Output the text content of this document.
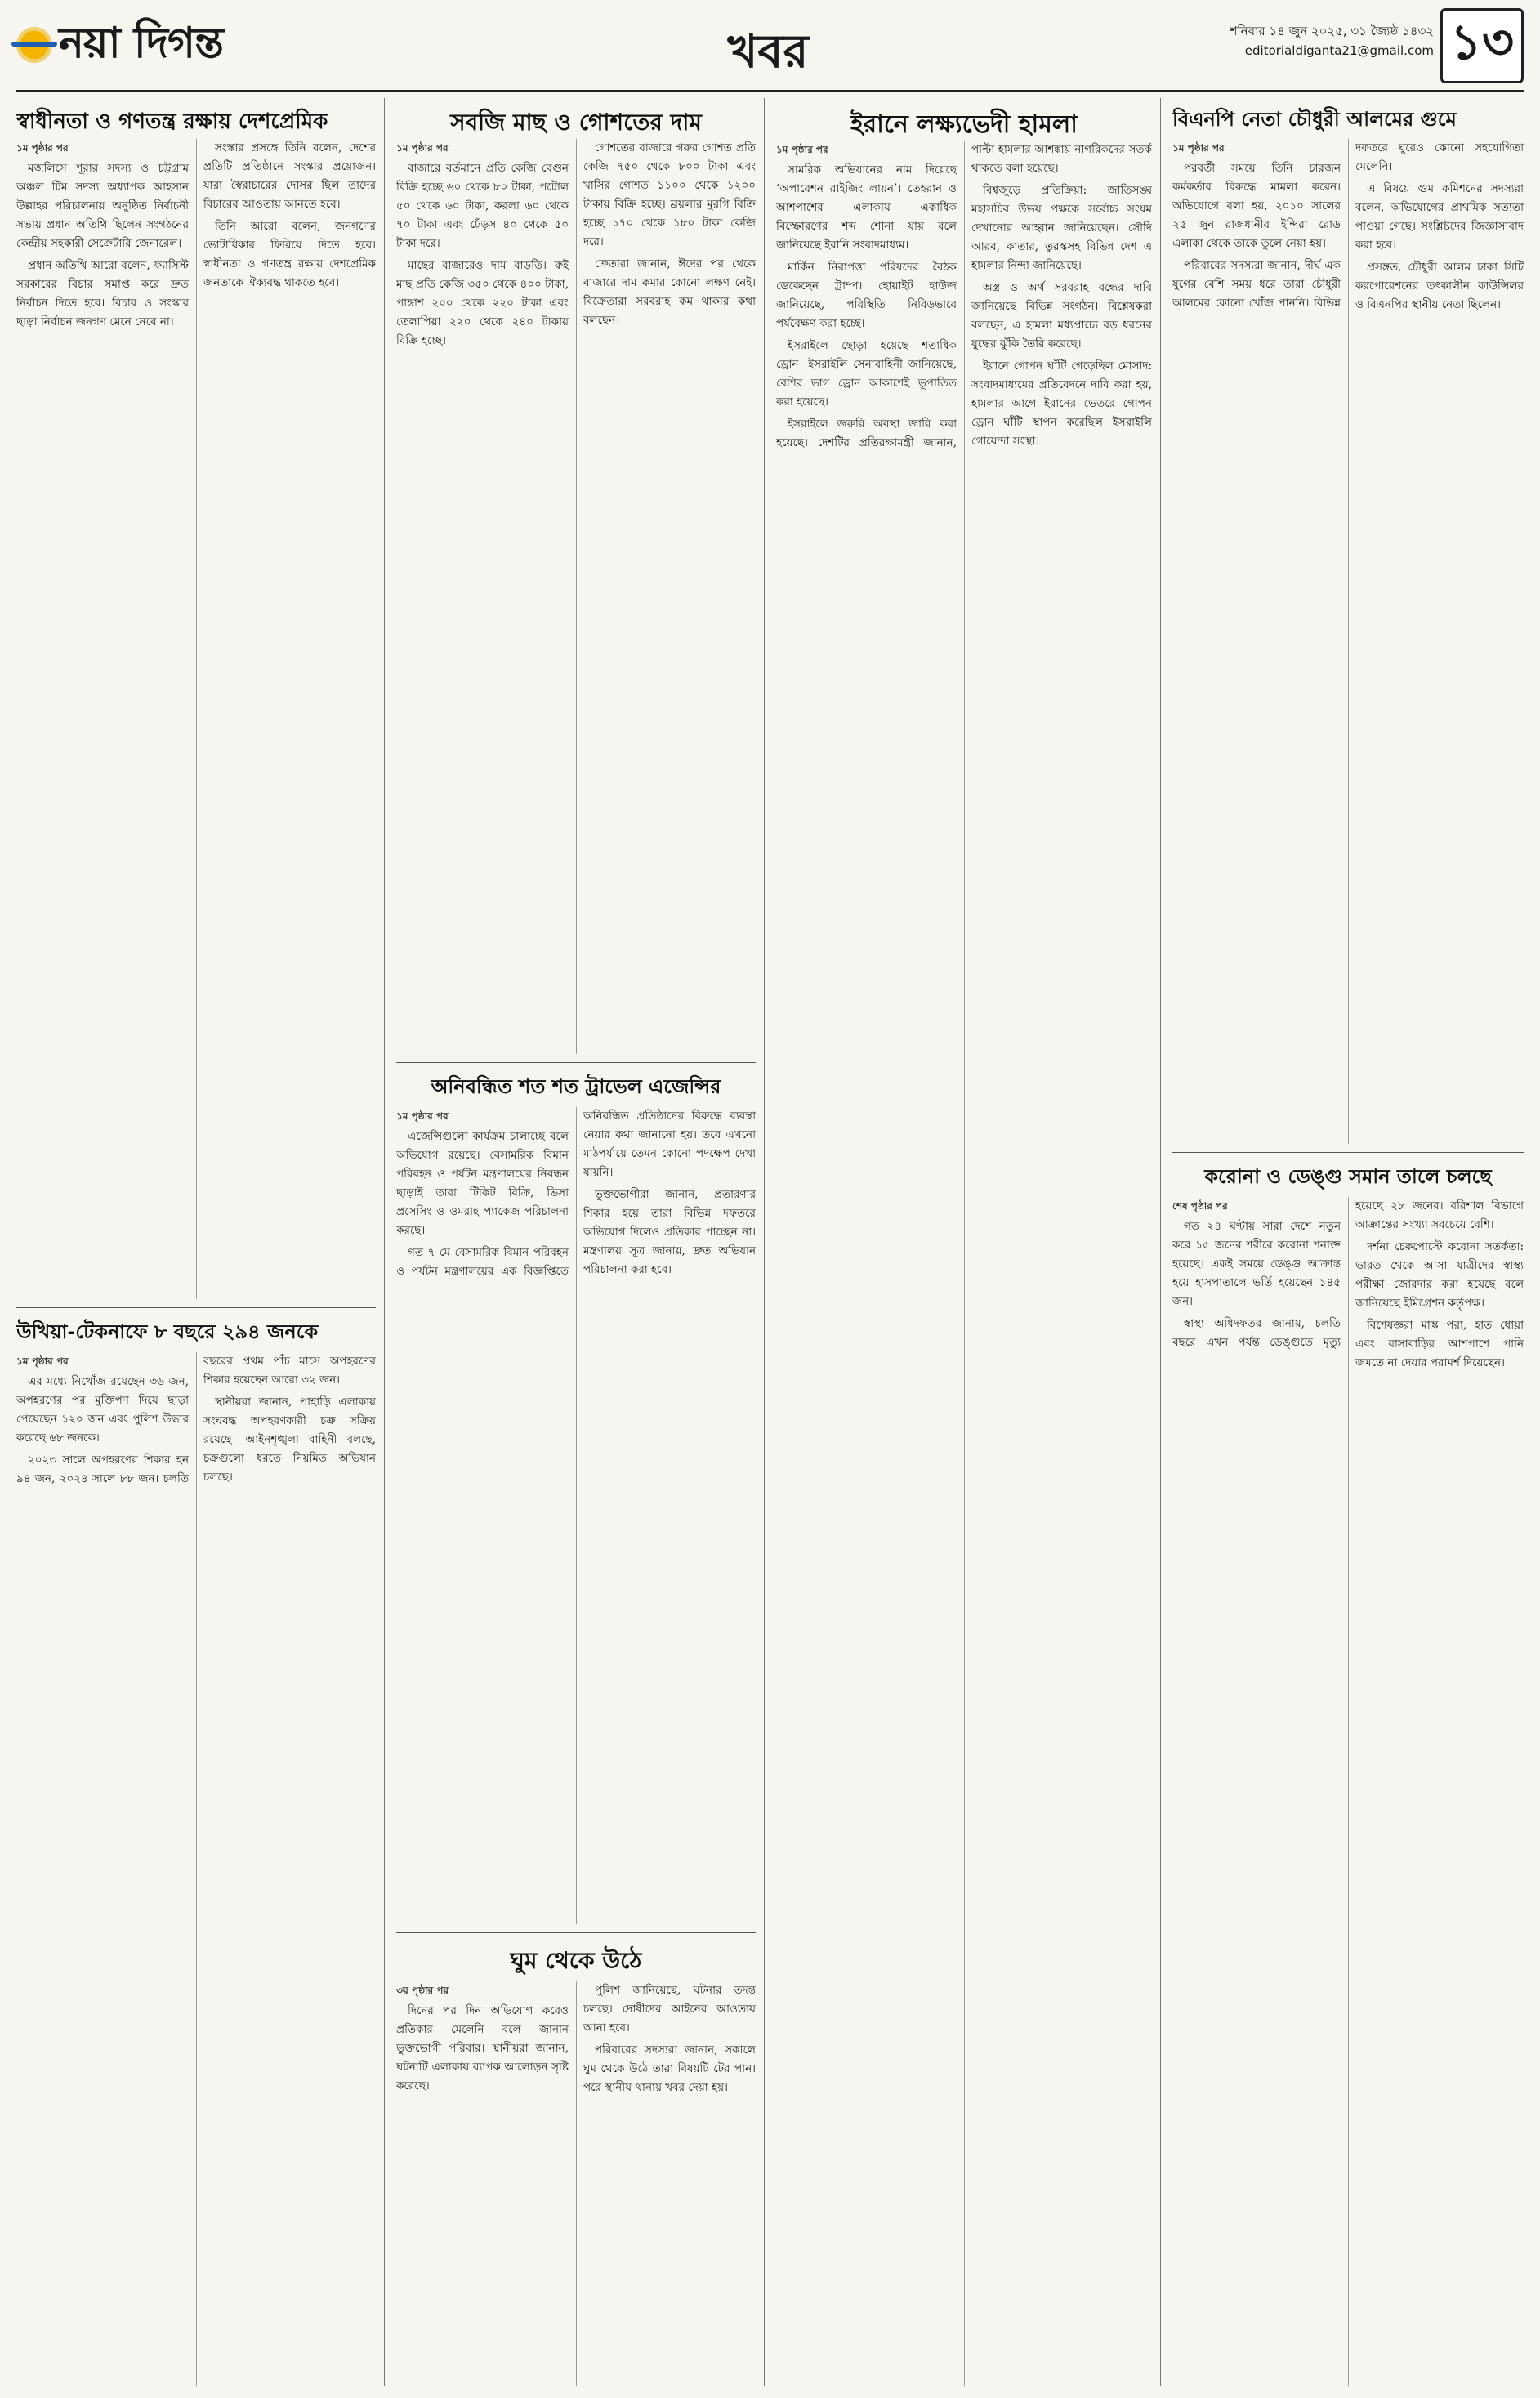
নয়া দিগন্ত	খবর	শনিবার ১৪ জুন ২০২৫, ৩১ জ্যৈষ্ঠ ১৪৩২
editorialdiganta21@gmail.com ১৩
স্বাধীনতা ও গণতন্ত্র রক্ষায় দেশপ্রেমিক
১ম পৃষ্ঠার পর

মজলিসে শূরার সদস্য ও চট্টগ্রাম অঞ্চল টিম সদস্য অধ্যাপক আহসান উল্লাহর পরিচালনায় অনুষ্ঠিত নির্বাচনী সভায় প্রধান অতিথি ছিলেন সংগঠনের কেন্দ্রীয় সহকারী সেক্রেটারি জেনারেল।

প্রধান অতিথি আরো বলেন, ফ্যাসিস্ট সরকারের বিচার সমাপ্ত করে দ্রুত নির্বাচন দিতে হবে। বিচার ও সংস্কার ছাড়া নির্বাচন জনগণ মেনে নেবে না।

সংস্কার প্রসঙ্গে তিনি বলেন, দেশের প্রতিটি প্রতিষ্ঠানে সংস্কার প্রয়োজন। যারা স্বৈরাচারের দোসর ছিল তাদের বিচারের আওতায় আনতে হবে।

তিনি আরো বলেন, জনগণের ভোটাধিকার ফিরিয়ে দিতে হবে। স্বাধীনতা ও গণতন্ত্র রক্ষায় দেশপ্রেমিক জনতাকে ঐক্যবদ্ধ থাকতে হবে।

উখিয়া-টেকনাফে ৮ বছরে ২৯৪ জনকে
১ম পৃষ্ঠার পর

এর মধ্যে নিখোঁজ রয়েছেন ৩৬ জন, অপহরণের পর মুক্তিপণ দিয়ে ছাড়া পেয়েছেন ১২০ জন এবং পুলিশ উদ্ধার করেছে ৬৮ জনকে।

২০২৩ সালে অপহরণের শিকার হন ৯৪ জন, ২০২৪ সালে ৮৮ জন। চলতি বছরের প্রথম পাঁচ মাসে অপহরণের শিকার হয়েছেন আরো ৩২ জন।

স্থানীয়রা জানান, পাহাড়ি এলাকায় সংঘবদ্ধ অপহরণকারী চক্র সক্রিয় রয়েছে। আইনশৃঙ্খলা বাহিনী বলছে, চক্রগুলো ধরতে নিয়মিত অভিযান চলছে।

সবজি মাছ ও গোশতের দাম
১ম পৃষ্ঠার পর

বাজারে বর্তমানে প্রতি কেজি বেগুন বিক্রি হচ্ছে ৬০ থেকে ৮০ টাকা, পটোল ৫০ থেকে ৬০ টাকা, করলা ৬০ থেকে ৭০ টাকা এবং ঢেঁড়স ৪০ থেকে ৫০ টাকা দরে।

মাছের বাজারেও দাম বাড়তি। রুই মাছ প্রতি কেজি ৩৫০ থেকে ৪০০ টাকা, পাঙ্গাশ ২০০ থেকে ২২০ টাকা এবং তেলাপিয়া ২২০ থেকে ২৪০ টাকায় বিক্রি হচ্ছে।

গোশতের বাজারে গরুর গোশত প্রতি কেজি ৭৫০ থেকে ৮০০ টাকা এবং খাসির গোশত ১১০০ থেকে ১২০০ টাকায় বিক্রি হচ্ছে। ব্রয়লার মুরগি বিক্রি হচ্ছে ১৭০ থেকে ১৮০ টাকা কেজি দরে।

ক্রেতারা জানান, ঈদের পর থেকে বাজারে দাম কমার কোনো লক্ষণ নেই। বিক্রেতারা সরবরাহ কম থাকার কথা বলছেন।

অনিবন্ধিত শত শত ট্রাভেল এজেন্সির
১ম পৃষ্ঠার পর

এজেন্সিগুলো কার্যক্রম চালাচ্ছে বলে অভিযোগ রয়েছে। বেসামরিক বিমান পরিবহন ও পর্যটন মন্ত্রণালয়ের নিবন্ধন ছাড়াই তারা টিকিট বিক্রি, ভিসা প্রসেসিং ও ওমরাহ প্যাকেজ পরিচালনা করছে।

গত ৭ মে বেসামরিক বিমান পরিবহন ও পর্যটন মন্ত্রণালয়ের এক বিজ্ঞপ্তিতে অনিবন্ধিত প্রতিষ্ঠানের বিরুদ্ধে ব্যবস্থা নেয়ার কথা জানানো হয়। তবে এখনো মাঠপর্যায়ে তেমন কোনো পদক্ষেপ দেখা যায়নি।

ভুক্তভোগীরা জানান, প্রতারণার শিকার হয়ে তারা বিভিন্ন দফতরে অভিযোগ দিলেও প্রতিকার পাচ্ছেন না। মন্ত্রণালয় সূত্র জানায়, দ্রুত অভিযান পরিচালনা করা হবে।

ঘুম থেকে উঠে
৩য় পৃষ্ঠার পর

দিনের পর দিন অভিযোগ করেও প্রতিকার মেলেনি বলে জানান ভুক্তভোগী পরিবার। স্থানীয়রা জানান, ঘটনাটি এলাকায় ব্যাপক আলোড়ন সৃষ্টি করেছে।

পুলিশ জানিয়েছে, ঘটনার তদন্ত চলছে। দোষীদের আইনের আওতায় আনা হবে।

পরিবারের সদস্যরা জানান, সকালে ঘুম থেকে উঠে তারা বিষয়টি টের পান। পরে স্থানীয় থানায় খবর দেয়া হয়।

ইরানে লক্ষ্যভেদী হামলা
১ম পৃষ্ঠার পর

সামরিক অভিযানের নাম দিয়েছে ‘অপারেশন রাইজিং লায়ন’। তেহরান ও আশপাশের এলাকায় একাধিক বিস্ফোরণের শব্দ শোনা যায় বলে জানিয়েছে ইরানি সংবাদমাধ্যম।

মার্কিন নিরাপত্তা পরিষদের বৈঠক ডেকেছেন ট্রাম্প। হোয়াইট হাউজ জানিয়েছে, পরিস্থিতি নিবিড়ভাবে পর্যবেক্ষণ করা হচ্ছে।

ইসরাইলে ছোড়া হয়েছে শতাধিক ড্রোন। ইসরাইলি সেনাবাহিনী জানিয়েছে, বেশির ভাগ ড্রোন আকাশেই ভূপাতিত করা হয়েছে।

ইসরাইলে জরুরি অবস্থা জারি করা হয়েছে। দেশটির প্রতিরক্ষামন্ত্রী জানান, পাল্টা হামলার আশঙ্কায় নাগরিকদের সতর্ক থাকতে বলা হয়েছে।

বিশ্বজুড়ে প্রতিক্রিয়া: জাতিসঙ্ঘ মহাসচিব উভয় পক্ষকে সর্বোচ্চ সংযম দেখানোর আহ্বান জানিয়েছেন। সৌদি আরব, কাতার, তুরস্কসহ বিভিন্ন দেশ এ হামলার নিন্দা জানিয়েছে।

অস্ত্র ও অর্থ সরবরাহ বন্ধের দাবি জানিয়েছে বিভিন্ন সংগঠন। বিশ্লেষকরা বলছেন, এ হামলা মধ্যপ্রাচ্যে বড় ধরনের যুদ্ধের ঝুঁকি তৈরি করেছে।

ইরানে গোপন ঘাঁটি গেড়েছিল মোসাদ: সংবাদমাধ্যমের প্রতিবেদনে দাবি করা হয়, হামলার আগে ইরানের ভেতরে গোপন ড্রোন ঘাঁটি স্থাপন করেছিল ইসরাইলি গোয়েন্দা সংস্থা।

বিএনপি নেতা চৌধুরী আলমের গুমে
১ম পৃষ্ঠার পর

পরবর্তী সময়ে তিনি চারজন কর্মকর্তার বিরুদ্ধে মামলা করেন। অভিযোগে বলা হয়, ২০১০ সালের ২৫ জুন রাজধানীর ইন্দিরা রোড এলাকা থেকে তাকে তুলে নেয়া হয়।

পরিবারের সদস্যরা জানান, দীর্ঘ এক যুগের বেশি সময় ধরে তারা চৌধুরী আলমের কোনো খোঁজ পাননি। বিভিন্ন দফতরে ঘুরেও কোনো সহযোগিতা মেলেনি।

এ বিষয়ে গুম কমিশনের সদস্যরা বলেন, অভিযোগের প্রাথমিক সত্যতা পাওয়া গেছে। সংশ্লিষ্টদের জিজ্ঞাসাবাদ করা হবে।

প্রসঙ্গত, চৌধুরী আলম ঢাকা সিটি করপোরেশনের তৎকালীন কাউন্সিলর ও বিএনপির স্থানীয় নেতা ছিলেন।

করোনা ও ডেঙ্গু সমান তালে চলছে
শেষ পৃষ্ঠার পর

গত ২৪ ঘণ্টায় সারা দেশে নতুন করে ১৫ জনের শরীরে করোনা শনাক্ত হয়েছে। একই সময়ে ডেঙ্গু আক্রান্ত হয়ে হাসপাতালে ভর্তি হয়েছেন ১৪৫ জন।

স্বাস্থ্য অধিদফতর জানায়, চলতি বছরে এখন পর্যন্ত ডেঙ্গুতে মৃত্যু হয়েছে ২৮ জনের। বরিশাল বিভাগে আক্রান্তের সংখ্যা সবচেয়ে বেশি।

দর্শনা চেকপোস্টে করোনা সতর্কতা: ভারত থেকে আসা যাত্রীদের স্বাস্থ্য পরীক্ষা জোরদার করা হয়েছে বলে জানিয়েছে ইমিগ্রেশন কর্তৃপক্ষ।

বিশেষজ্ঞরা মাস্ক পরা, হাত ধোয়া এবং বাসাবাড়ির আশপাশে পানি জমতে না দেয়ার পরামর্শ দিয়েছেন।
